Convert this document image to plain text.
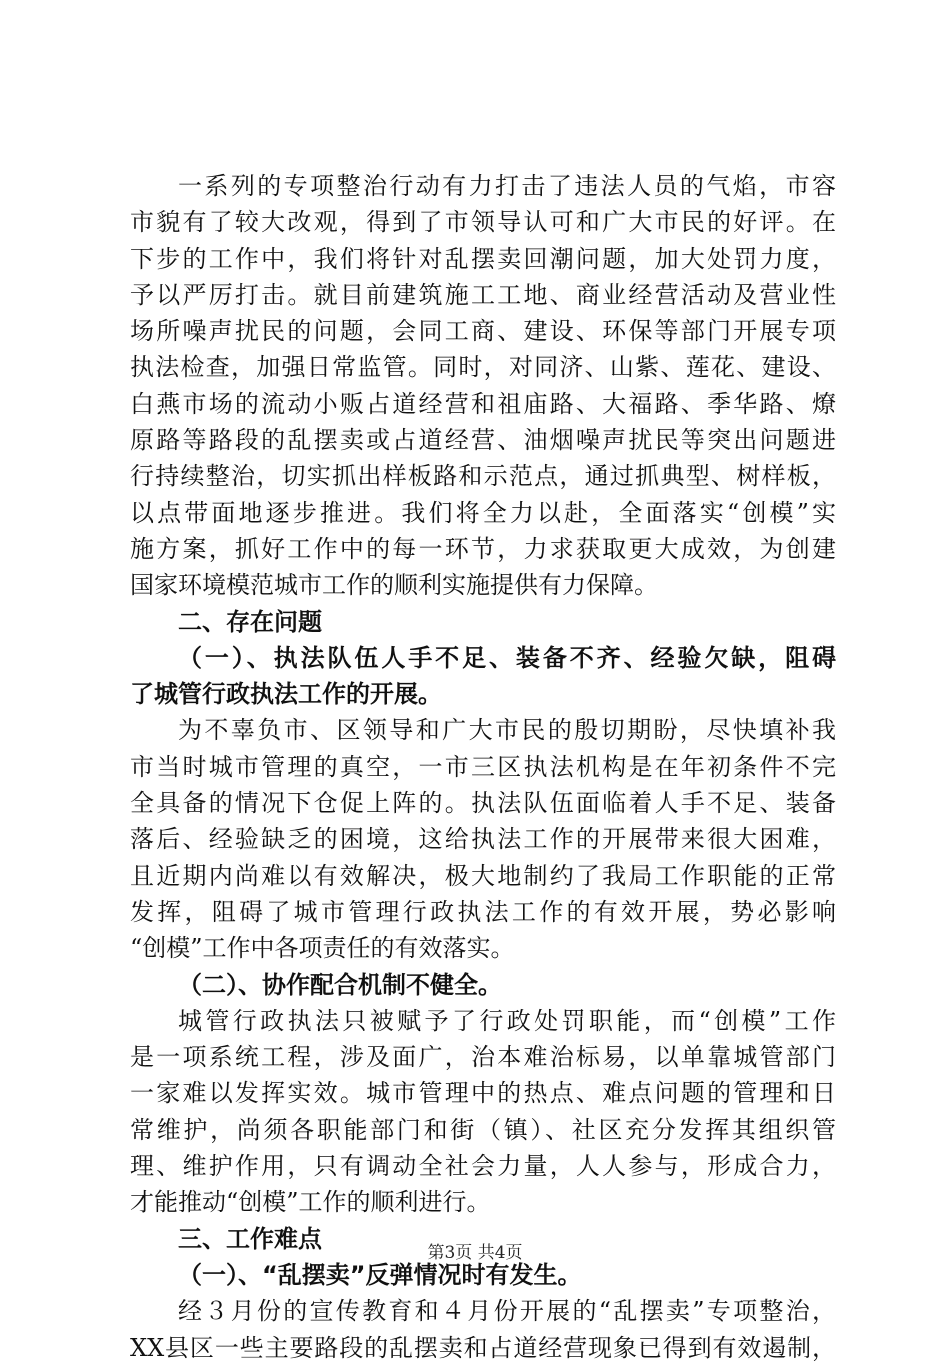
一系列的专项整治行动有力打击了违法人员的气焰，市容
市貌有了较大改观，得到了市领导认可和广大市民的好评。在
下步的工作中，我们将针对乱摆卖回潮问题，加大处罚力度，
予以严厉打击。就目前建筑施工工地、商业经营活动及营业性
场所噪声扰民的问题，会同工商、建设、环保等部门开展专项
执法检查，加强日常监管。同时，对同济、山紫、莲花、建设、
白燕市场的流动小贩占道经营和祖庙路、大福路、季华路、燎
原路等路段的乱摆卖或占道经营、油烟噪声扰民等突出问题进
行持续整治，切实抓出样板路和示范点，通过抓典型、树样板，
以点带面地逐步推进。我们将全力以赴，全面落实“创模”实
施方案，抓好工作中的每一环节，力求获取更大成效，为创建
国家环境模范城市工作的顺利实施提供有力保障。
二、存在问题
（一）、执法队伍人手不足、装备不齐、经验欠缺，阻碍
了城管行政执法工作的开展。
为不辜负市、区领导和广大市民的殷切期盼，尽快填补我
市当时城市管理的真空，一市三区执法机构是在年初条件不完
全具备的情况下仓促上阵的。执法队伍面临着人手不足、装备
落后、经验缺乏的困境，这给执法工作的开展带来很大困难，
且近期内尚难以有效解决，极大地制约了我局工作职能的正常
发挥，阻碍了城市管理行政执法工作的有效开展，势必影响
“创模”工作中各项责任的有效落实。
（二）、协作配合机制不健全。
城管行政执法只被赋予了行政处罚职能，而“创模”工作
是一项系统工程，涉及面广，治本难治标易，以单靠城管部门
一家难以发挥实效。城市管理中的热点、难点问题的管理和日
常维护，尚须各职能部门和街（镇）、社区充分发挥其组织管
理、维护作用，只有调动全社会力量，人人参与，形成合力，
才能推动“创模”工作的顺利进行。
三、工作难点
（一）、“乱摆卖”反弹情况时有发生。
经３月份的宣传教育和４月份开展的“乱摆卖”专项整治，
XX县区一些主要路段的乱摆卖和占道经营现象已得到有效遏制，
第3页 共4页
